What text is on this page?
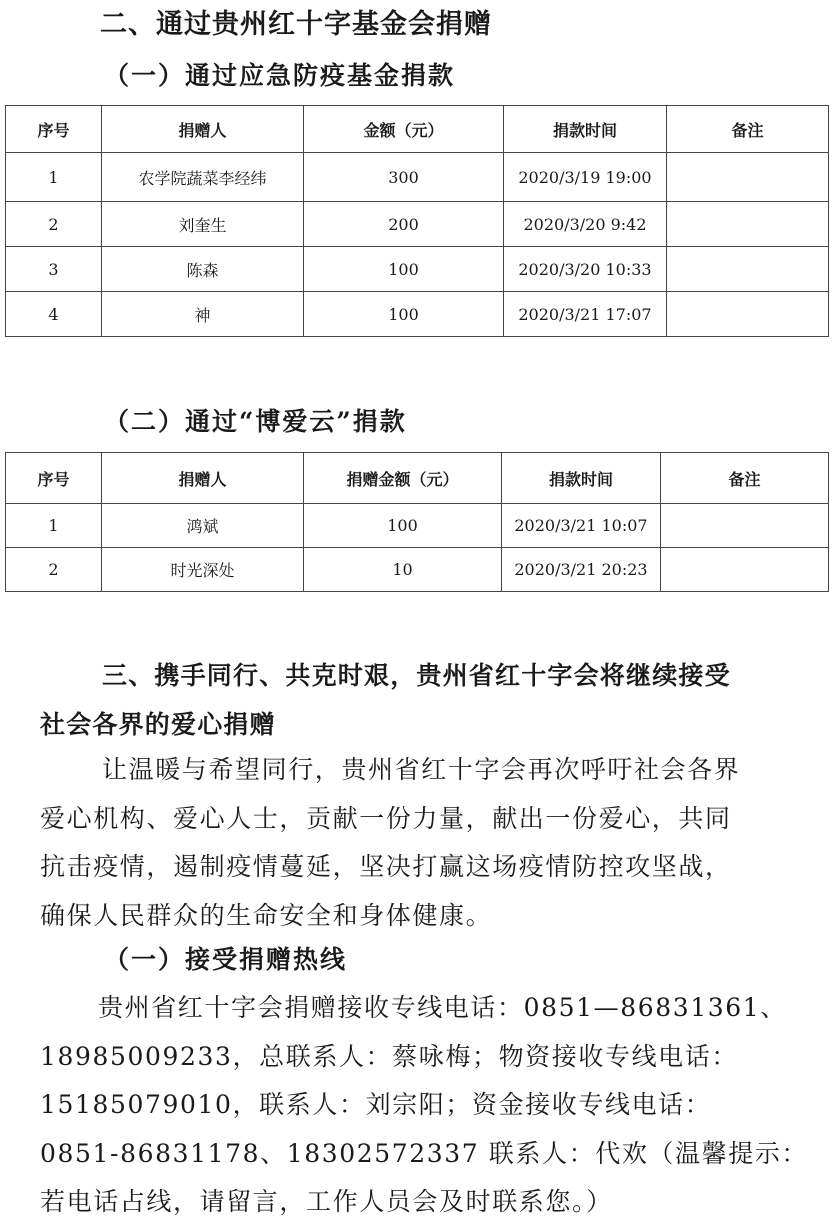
二、通过贵州红十字基金会捐赠
（一）通过应急防疫基金捐款
序号	捐赠人	金额（元）	捐款时间	备注
1	农学院蔬菜李经纬	300	2020/3/19 19:00	
2	刘奎生	200	2020/3/20 9:42	
3	陈森	100	2020/3/20 10:33	
4	神	100	2020/3/21 17:07	
（二）通过“博爱云”捐款
序号	捐赠人	捐赠金额（元）	捐款时间	备注
1	鸿斌	100	2020/3/21 10:07	
2	时光深处	10	2020/3/21 20:23	
三、携手同行、共克时艰，贵州省红十字会将继续接受
社会各界的爱心捐赠

让温暖与希望同行，贵州省红十字会再次呼吁社会各界
爱心机构、爱心人士，贡献一份力量，献出一份爱心，共同
抗击疫情，遏制疫情蔓延，坚决打赢这场疫情防控攻坚战，
确保人民群众的生命安全和身体健康。

（一）接受捐赠热线

贵州省红十字会捐赠接收专线电话：0851—86831361、
18985009233，总联系人：蔡咏梅；物资接收专线电话：
15185079010，联系人：刘宗阳；资金接收专线电话：
0851-86831178、18302572337 联系人：代欢（温馨提示：
若电话占线，请留言，工作人员会及时联系您。）
